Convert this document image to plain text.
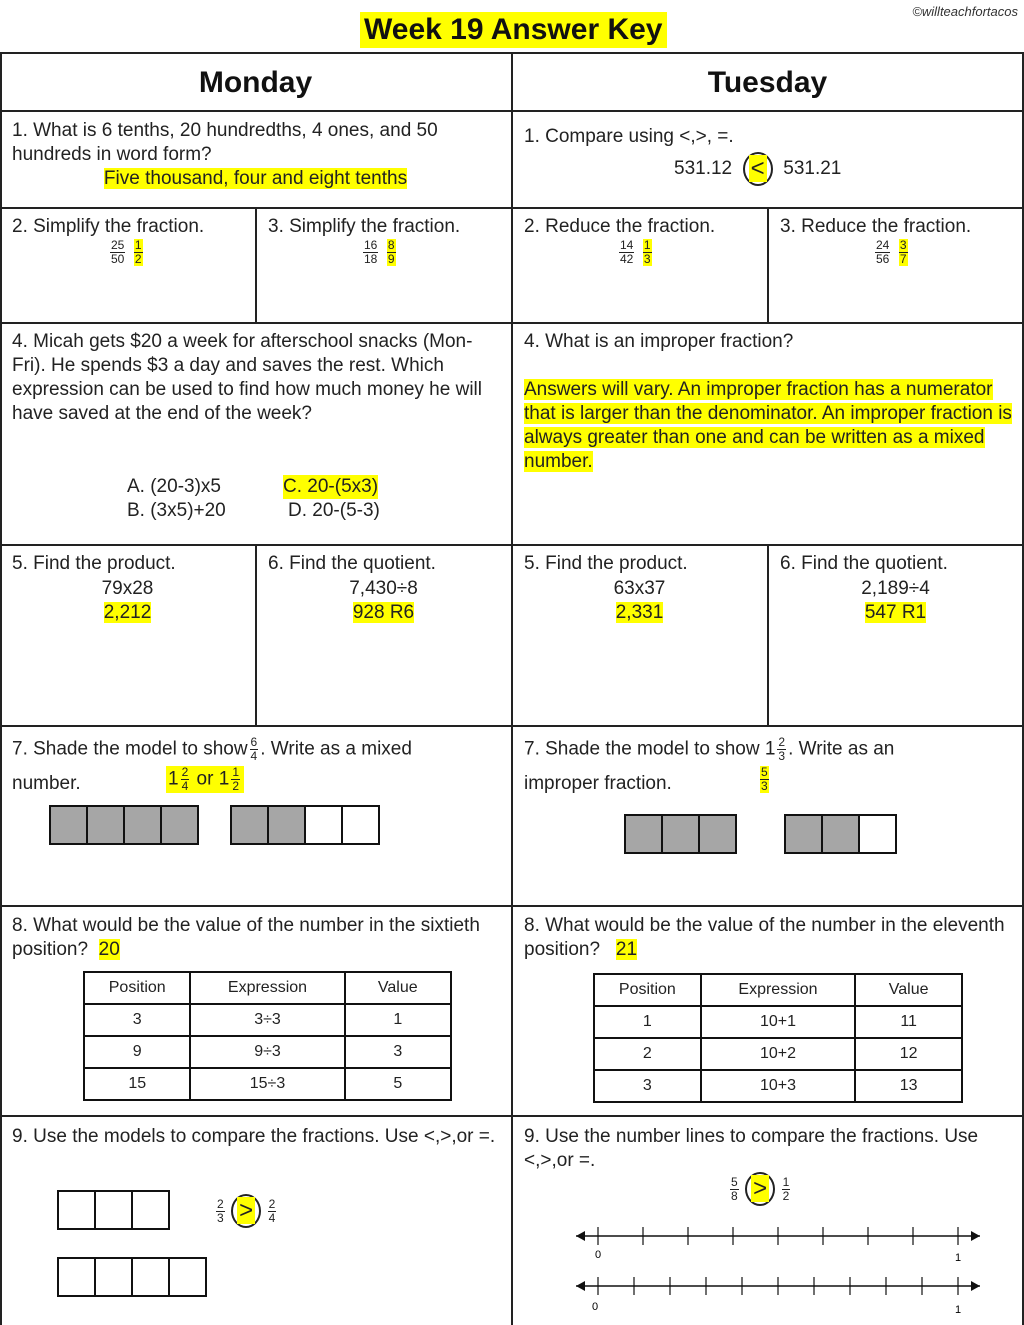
Week 19 Answer Key
©willteachfortacos
Monday	Tuesday
1. What is 6 tenths, 20 hundredths, 4 ones, and 50 hundreds in word form?
Five thousand, four and eight tenths
2. Simplify the fraction.
$\frac{25}{50}$
$\frac{1}{2}$
3. Simplify the fraction.
$\frac{16}{18}$
$\frac{8}{9}$
4. Micah gets $20 a week for afterschool snacks (Mon-Fri). He spends $3 a day and saves the rest. Which expression can be used to find how much money he will have saved at the end of the week?
A. (20-3)x5
B. (3x5)+20
C. 20-(5x3)
D. 20-(5-3)
5. Find the product.
79x28
2,212
6. Find the quotient.
7,430÷8
928 R6
7. Shade the model to show $\frac{6}{4}$ . Write as a mixed
number.	$1 \frac{2}{4}$ or $1 \frac{1}{2}$
8. What would be the value of the number in the sixtieth position? 20
Position	Expression	Value
3	3÷3	1
9	9÷3	3
15	15÷3	5
9. Use the models to compare the fractions. Use <,>,or =.
$\frac{2}{3} > \frac{2}{4}$
1. Compare using <,>, =.
531.12 < 531.21
2. Reduce the fraction.
$\frac{14}{42}$
$\frac{1}{3}$
3. Reduce the fraction.
$\frac{24}{56}$
$\frac{3}{7}$
4. What is an improper fraction?
Answers will vary. An improper fraction has a numerator that is larger than the denominator. An improper fraction is always greater than one and can be written as a mixed number.
5. Find the product.
63x37
2,331
6. Find the quotient.
2,189÷4
547 R1
7. Shade the model to show $1 \frac{2}{3}$ . Write as an
improper fraction.	$\frac{5}{3}$
8. What would be the value of the number in the eleventh position? 21
Position	Expression	Value
1	10+1	11
2	10+2	12
3	10+3	13
9. Use the number lines to compare the fractions. Use <,>,or =.
$\frac{5}{8} > \frac{1}{2}$
0	1
0	1
